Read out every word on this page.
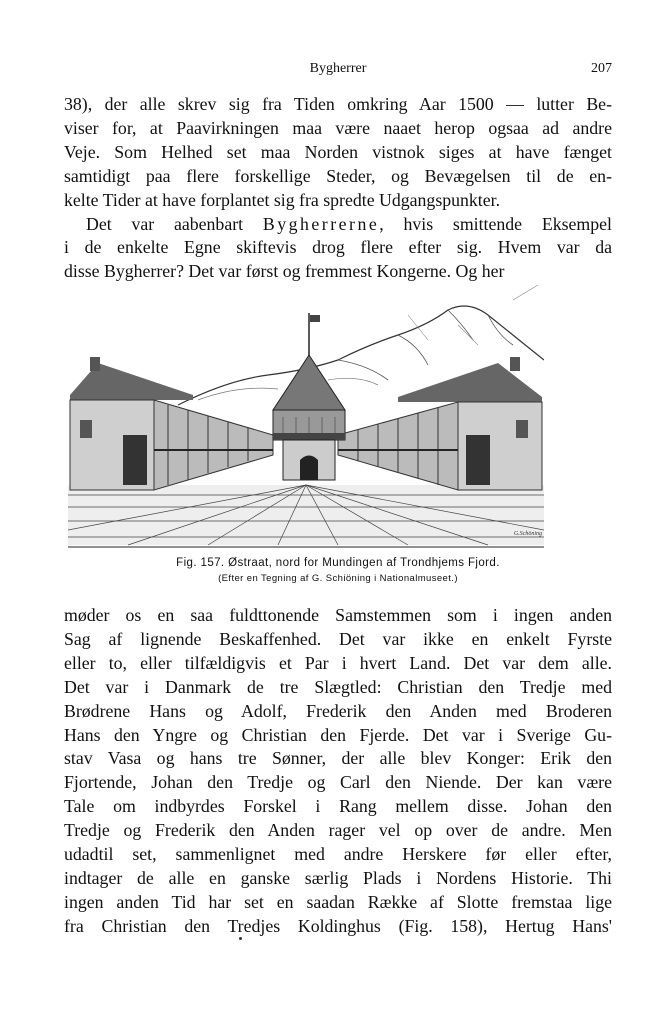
Bygherrer	207
38), der alle skrev sig fra Tiden omkring Aar 1500 — lutter Be-
viser for, at Paavirkningen maa være naaet herop ogsaa ad andre
Veje. Som Helhed set maa Norden vistnok siges at have fænget
samtidigt paa flere forskellige Steder, og Bevægelsen til de en-
kelte Tider at have forplantet sig fra spredte Udgangspunkter.
Det var aabenbart Bygherrerne, hvis smittende Eksempel
i de enkelte Egne skiftevis drog flere efter sig. Hvem var da
disse Bygherrer? Det var først og fremmest Kongerne. Og her
G.Schöning
Fig. 157. Østraat, nord for Mundingen af Trondhjems Fjord.
(Efter en Tegning af G. Schiöning i Nationalmuseet.)
møder os en saa fuldttonende Samstemmen som i ingen anden
Sag af lignende Beskaffenhed. Det var ikke en enkelt Fyrste
eller to, eller tilfældigvis et Par i hvert Land. Det var dem alle.
Det var i Danmark de tre Slægtled: Christian den Tredje med
Brødrene Hans og Adolf, Frederik den Anden med Broderen
Hans den Yngre og Christian den Fjerde. Det var i Sverige Gu-
stav Vasa og hans tre Sønner, der alle blev Konger: Erik den
Fjortende, Johan den Tredje og Carl den Niende. Der kan være
Tale om indbyrdes Forskel i Rang mellem disse. Johan den
Tredje og Frederik den Anden rager vel op over de andre. Men
udadtil set, sammenlignet med andre Herskere før eller efter,
indtager de alle en ganske særlig Plads i Nordens Historie. Thi
ingen anden Tid har set en saadan Række af Slotte fremstaa lige
fra Christian den Tredjes Koldinghus (Fig. 158), Hertug Hans'
